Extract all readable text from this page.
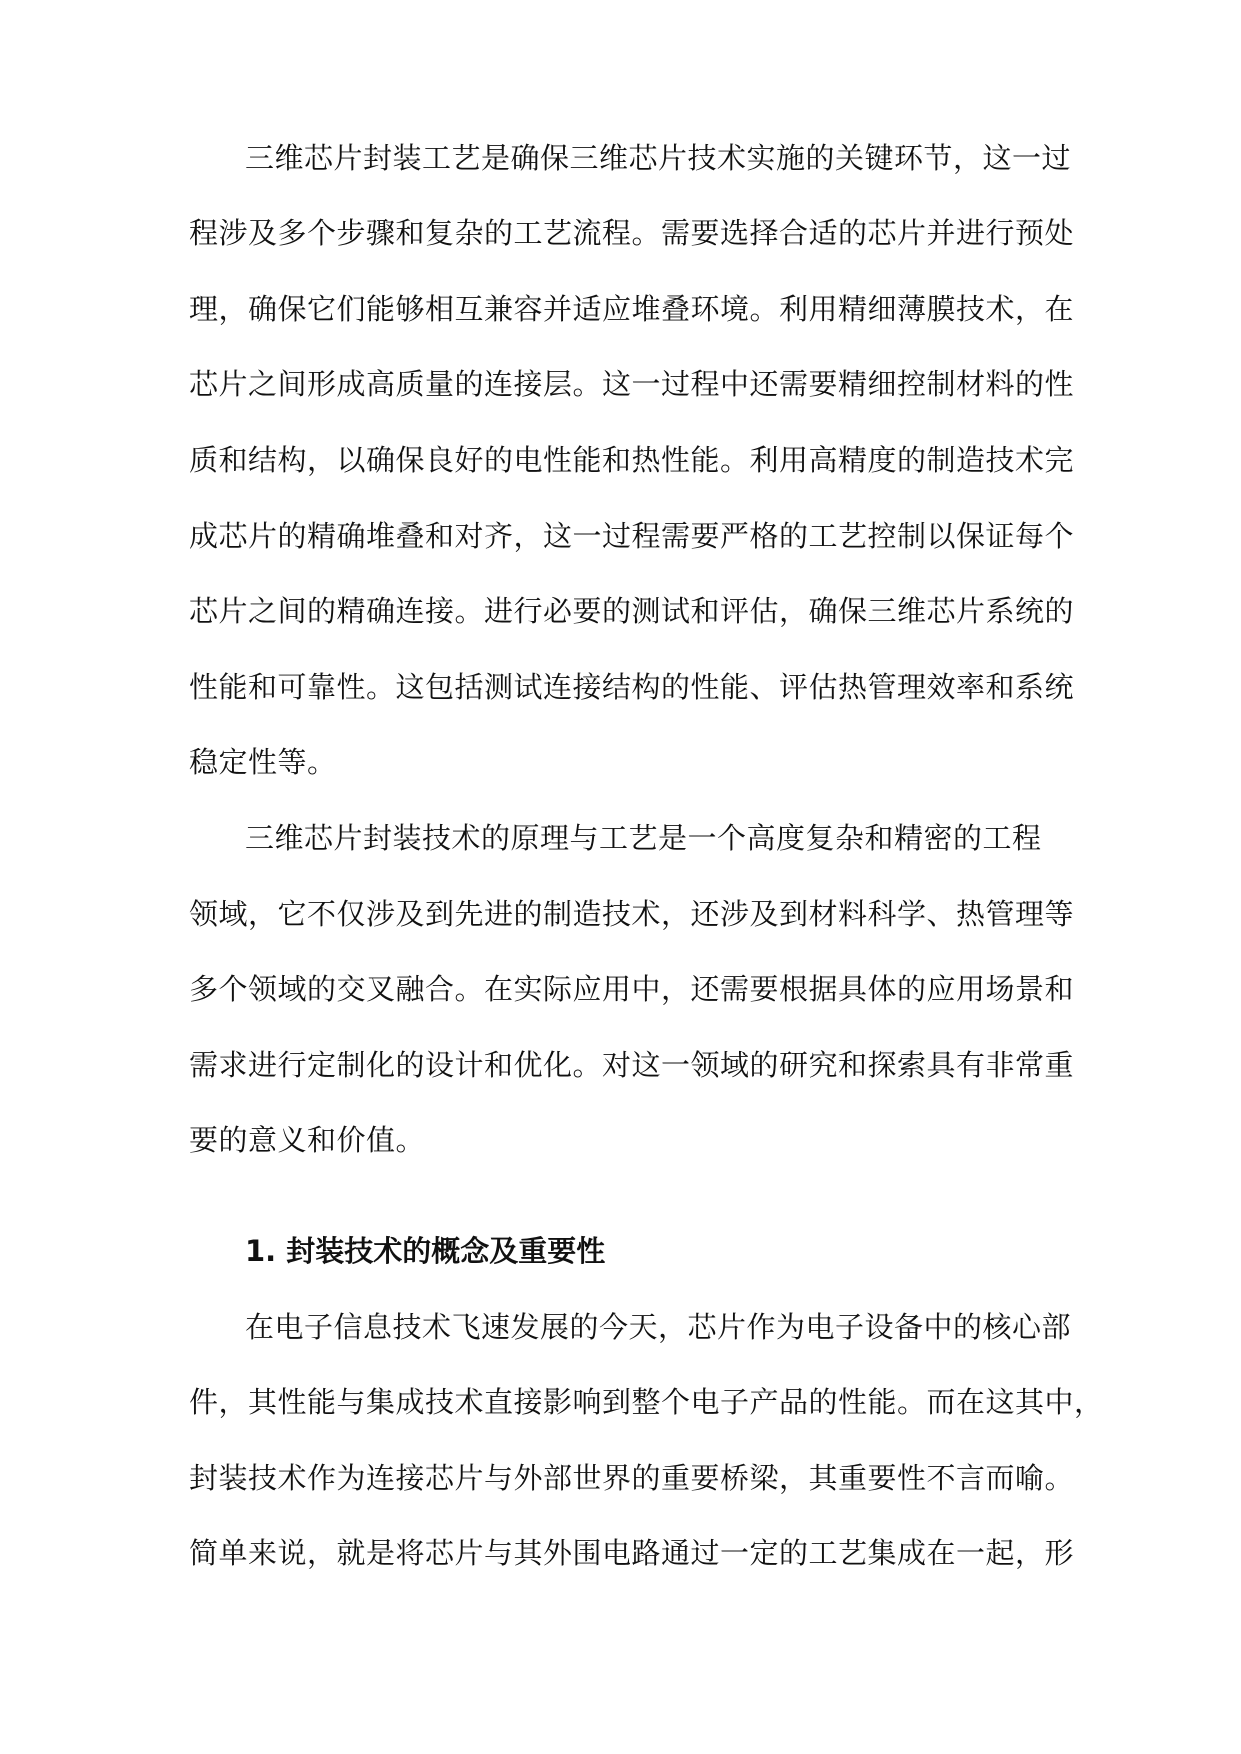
三维芯片封装工艺是确保三维芯片技术实施的关键环节，这一过
程涉及多个步骤和复杂的工艺流程。需要选择合适的芯片并进行预处
理，确保它们能够相互兼容并适应堆叠环境。利用精细薄膜技术，在
芯片之间形成高质量的连接层。这一过程中还需要精细控制材料的性
质和结构，以确保良好的电性能和热性能。利用高精度的制造技术完
成芯片的精确堆叠和对齐，这一过程需要严格的工艺控制以保证每个
芯片之间的精确连接。进行必要的测试和评估，确保三维芯片系统的
性能和可靠性。这包括测试连接结构的性能、评估热管理效率和系统
稳定性等。
三维芯片封装技术的原理与工艺是一个高度复杂和精密的工程
领域，它不仅涉及到先进的制造技术，还涉及到材料科学、热管理等
多个领域的交叉融合。在实际应用中，还需要根据具体的应用场景和
需求进行定制化的设计和优化。对这一领域的研究和探索具有非常重
要的意义和价值。
1. 封装技术的概念及重要性
在电子信息技术飞速发展的今天，芯片作为电子设备中的核心部
件，其性能与集成技术直接影响到整个电子产品的性能。而在这其中，
封装技术作为连接芯片与外部世界的重要桥梁，其重要性不言而喻。
简单来说，就是将芯片与其外围电路通过一定的工艺集成在一起，形
